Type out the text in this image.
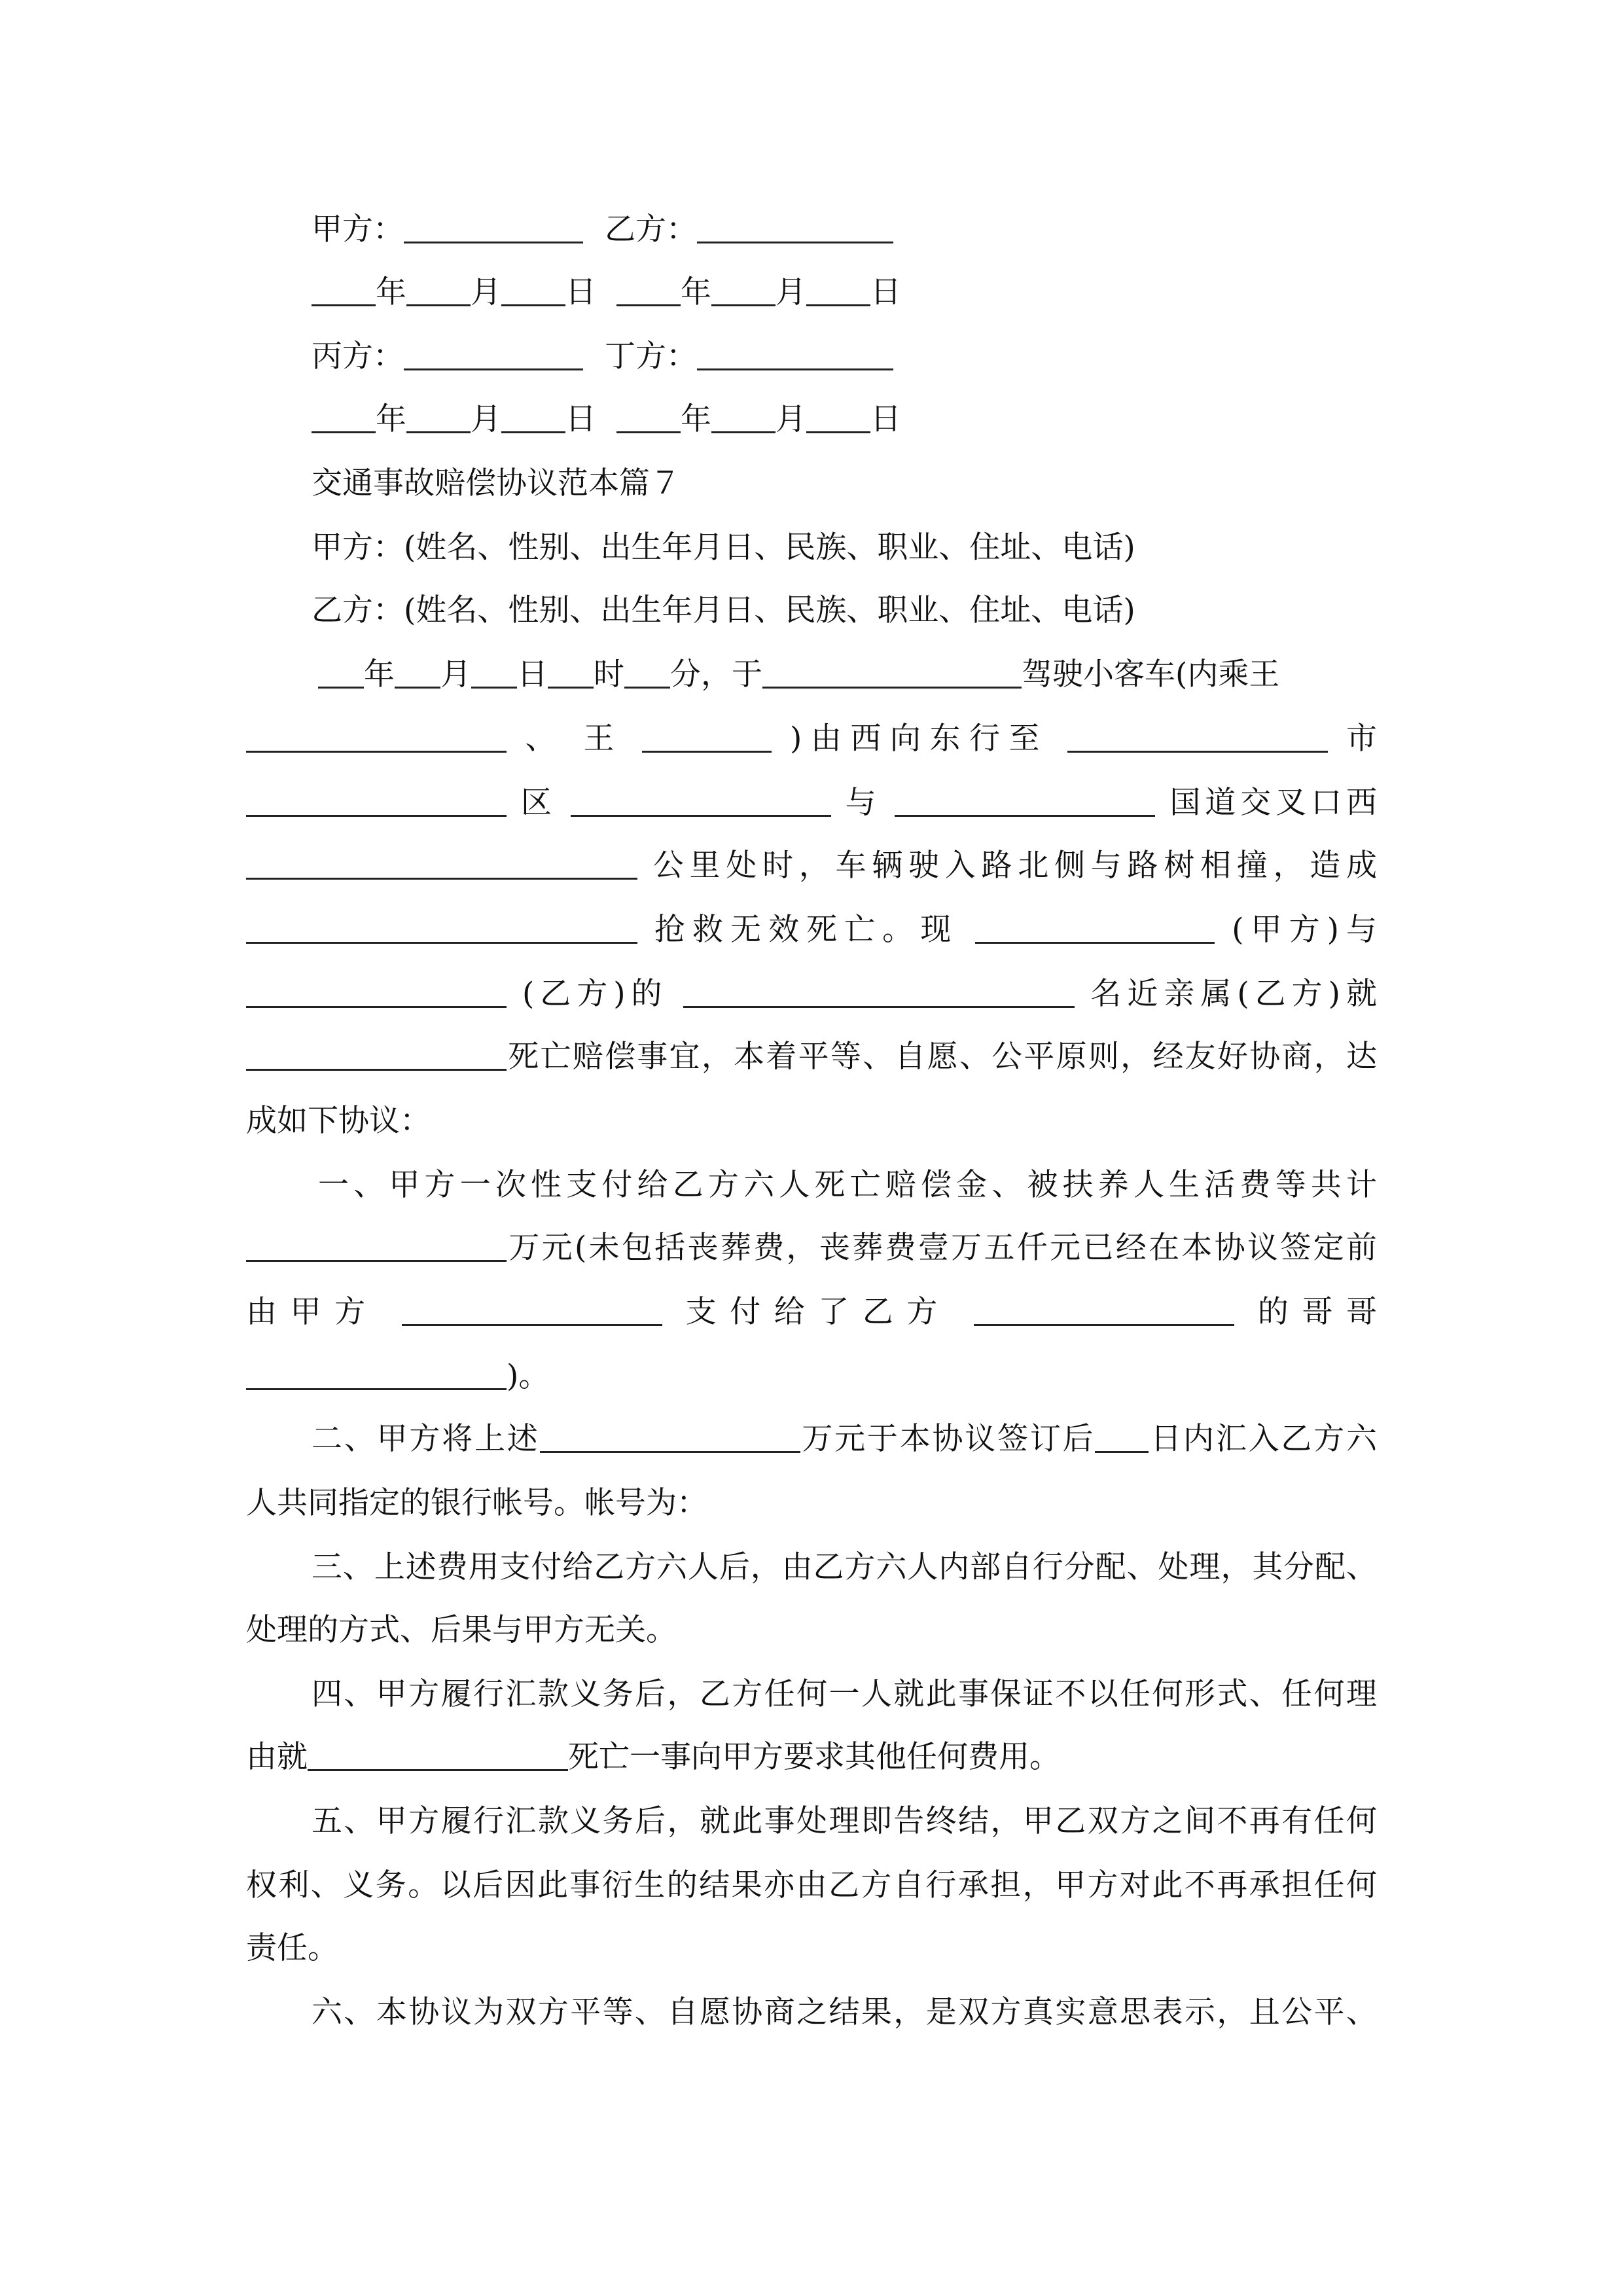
甲方：	乙方：
年 月 日	年 月 日
丙方：	丁方：
年 月 日	年 月 日
交通事故赔偿协议范本篇７
甲方：(姓名、性别、出生年月日、民族、职业、住址、电话)
乙方：(姓名、性别、出生年月日、民族、职业、住址、电话)
年 月 日 时 分，于	驾驶小客车(内乘王
、 王	)由西向东行至	市
区	与	国道交叉口西
公里处时，车辆驶入路北侧与路树相撞，造成
抢救无效死亡。现	(甲方)与
(乙方)的	名近亲属(乙方)就
死亡赔偿事宜，本着平等、自愿、公平原则，经友好协商，达
成如下协议：
一、甲方一次性支付给乙方六人死亡赔偿金、被扶养人生活费等共计
万元(未包括丧葬费，丧葬费壹万五仟元已经在本协议签定前
由甲方	支付给了乙方	的哥哥
)。
二、甲方将上述	万元于本协议签订后 日内汇入乙方六
人共同指定的银行帐号。帐号为：
三、上述费用支付给乙方六人后，由乙方六人内部自行分配、处理，其分配、
处理的方式、后果与甲方无关。
四、甲方履行汇款义务后，乙方任何一人就此事保证不以任何形式、任何理
由就	死亡一事向甲方要求其他任何费用。
五、甲方履行汇款义务后，就此事处理即告终结，甲乙双方之间不再有任何
权利、义务。以后因此事衍生的结果亦由乙方自行承担，甲方对此不再承担任何
责任。
六、本协议为双方平等、自愿协商之结果，是双方真实意思表示，且公平、
